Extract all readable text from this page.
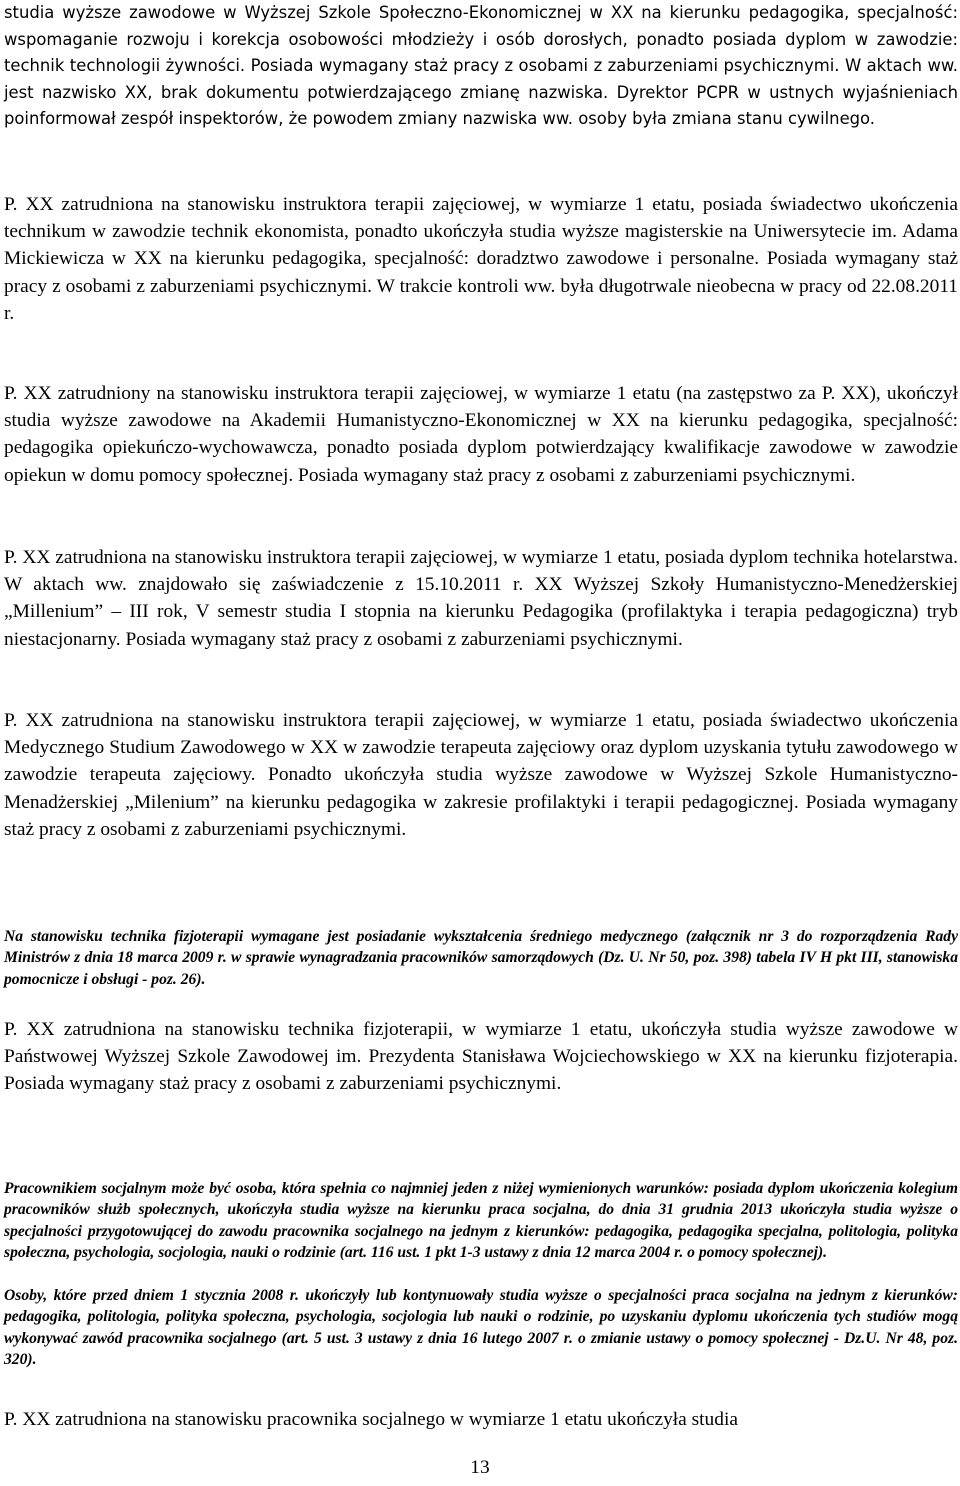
studia wyższe zawodowe w Wyższej Szkole Społeczno-Ekonomicznej w XX na kierunku pedagogika, specjalność: wspomaganie rozwoju i korekcja osobowości młodzieży i osób dorosłych, ponadto posiada dyplom w zawodzie: technik technologii żywności. Posiada wymagany staż pracy z osobami z zaburzeniami psychicznymi. W aktach ww. jest nazwisko XX, brak dokumentu potwierdzającego zmianę nazwiska. Dyrektor PCPR w ustnych wyjaśnieniach poinformował zespół inspektorów, że powodem zmiany nazwiska ww. osoby była zmiana stanu cywilnego.

P. XX zatrudniona na stanowisku instruktora terapii zajęciowej, w wymiarze 1 etatu, posiada świadectwo ukończenia technikum w zawodzie technik ekonomista, ponadto ukończyła studia wyższe magisterskie na Uniwersytecie im. Adama Mickiewicza w XX na kierunku pedagogika, specjalność: doradztwo zawodowe i personalne. Posiada wymagany staż pracy z osobami z zaburzeniami psychicznymi. W trakcie kontroli ww. była długotrwale nieobecna w pracy od 22.08.2011 r.

P. XX zatrudniony na stanowisku instruktora terapii zajęciowej, w wymiarze 1 etatu (na zastępstwo za P. XX), ukończył studia wyższe zawodowe na Akademii Humanistyczno-Ekonomicznej w XX na kierunku pedagogika, specjalność: pedagogika opiekuńczo-wychowawcza, ponadto posiada dyplom potwierdzający kwalifikacje zawodowe w zawodzie opiekun w domu pomocy społecznej. Posiada wymagany staż pracy z osobami z zaburzeniami psychicznymi.

P. XX zatrudniona na stanowisku instruktora terapii zajęciowej, w wymiarze 1 etatu, posiada dyplom technika hotelarstwa. W aktach ww. znajdowało się zaświadczenie z 15.10.2011 r. XX Wyższej Szkoły Humanistyczno-Menedżerskiej „Millenium” – III rok, V semestr studia I stopnia na kierunku Pedagogika (profilaktyka i terapia pedagogiczna) tryb niestacjonarny. Posiada wymagany staż pracy z osobami z zaburzeniami psychicznymi.

P. XX zatrudniona na stanowisku instruktora terapii zajęciowej, w wymiarze 1 etatu, posiada świadectwo ukończenia Medycznego Studium Zawodowego w XX w zawodzie terapeuta zajęciowy oraz dyplom uzyskania tytułu zawodowego w zawodzie terapeuta zajęciowy. Ponadto ukończyła studia wyższe zawodowe w Wyższej Szkole Humanistyczno-Menadżerskiej „Milenium” na kierunku pedagogika w zakresie profilaktyki i terapii pedagogicznej. Posiada wymagany staż pracy z osobami z zaburzeniami psychicznymi.

Na stanowisku technika fizjoterapii wymagane jest posiadanie wykształcenia średniego medycznego (załącznik nr 3 do rozporządzenia Rady Ministrów z dnia 18 marca 2009 r. w sprawie wynagradzania pracowników samorządowych (Dz. U. Nr 50, poz. 398) tabela IV H pkt III, stanowiska pomocnicze i obsługi - poz. 26).

P. XX zatrudniona na stanowisku technika fizjoterapii, w wymiarze 1 etatu, ukończyła studia wyższe zawodowe w Państwowej Wyższej Szkole Zawodowej im. Prezydenta Stanisława Wojciechowskiego w XX na kierunku fizjoterapia. Posiada wymagany staż pracy z osobami z zaburzeniami psychicznymi.

Pracownikiem socjalnym może być osoba, która spełnia co najmniej jeden z niżej wymienionych warunków: posiada dyplom ukończenia kolegium pracowników służb społecznych, ukończyła studia wyższe na kierunku praca socjalna, do dnia 31 grudnia 2013 ukończyła studia wyższe o specjalności przygotowującej do zawodu pracownika socjalnego na jednym z kierunków: pedagogika, pedagogika specjalna, politologia, polityka społeczna, psychologia, socjologia, nauki o rodzinie (art. 116 ust. 1 pkt 1-3 ustawy z dnia 12 marca 2004 r. o pomocy społecznej).

Osoby, które przed dniem 1 stycznia 2008 r. ukończyły lub kontynuowały studia wyższe o specjalności praca socjalna na jednym z kierunków: pedagogika, politologia, polityka społeczna, psychologia, socjologia lub nauki o rodzinie, po uzyskaniu dyplomu ukończenia tych studiów mogą wykonywać zawód pracownika socjalnego (art. 5 ust. 3 ustawy z dnia 16 lutego 2007 r. o zmianie ustawy o pomocy społecznej - Dz.U. Nr 48, poz. 320).

P. XX zatrudniona na stanowisku pracownika socjalnego w wymiarze 1 etatu ukończyła studia

13
